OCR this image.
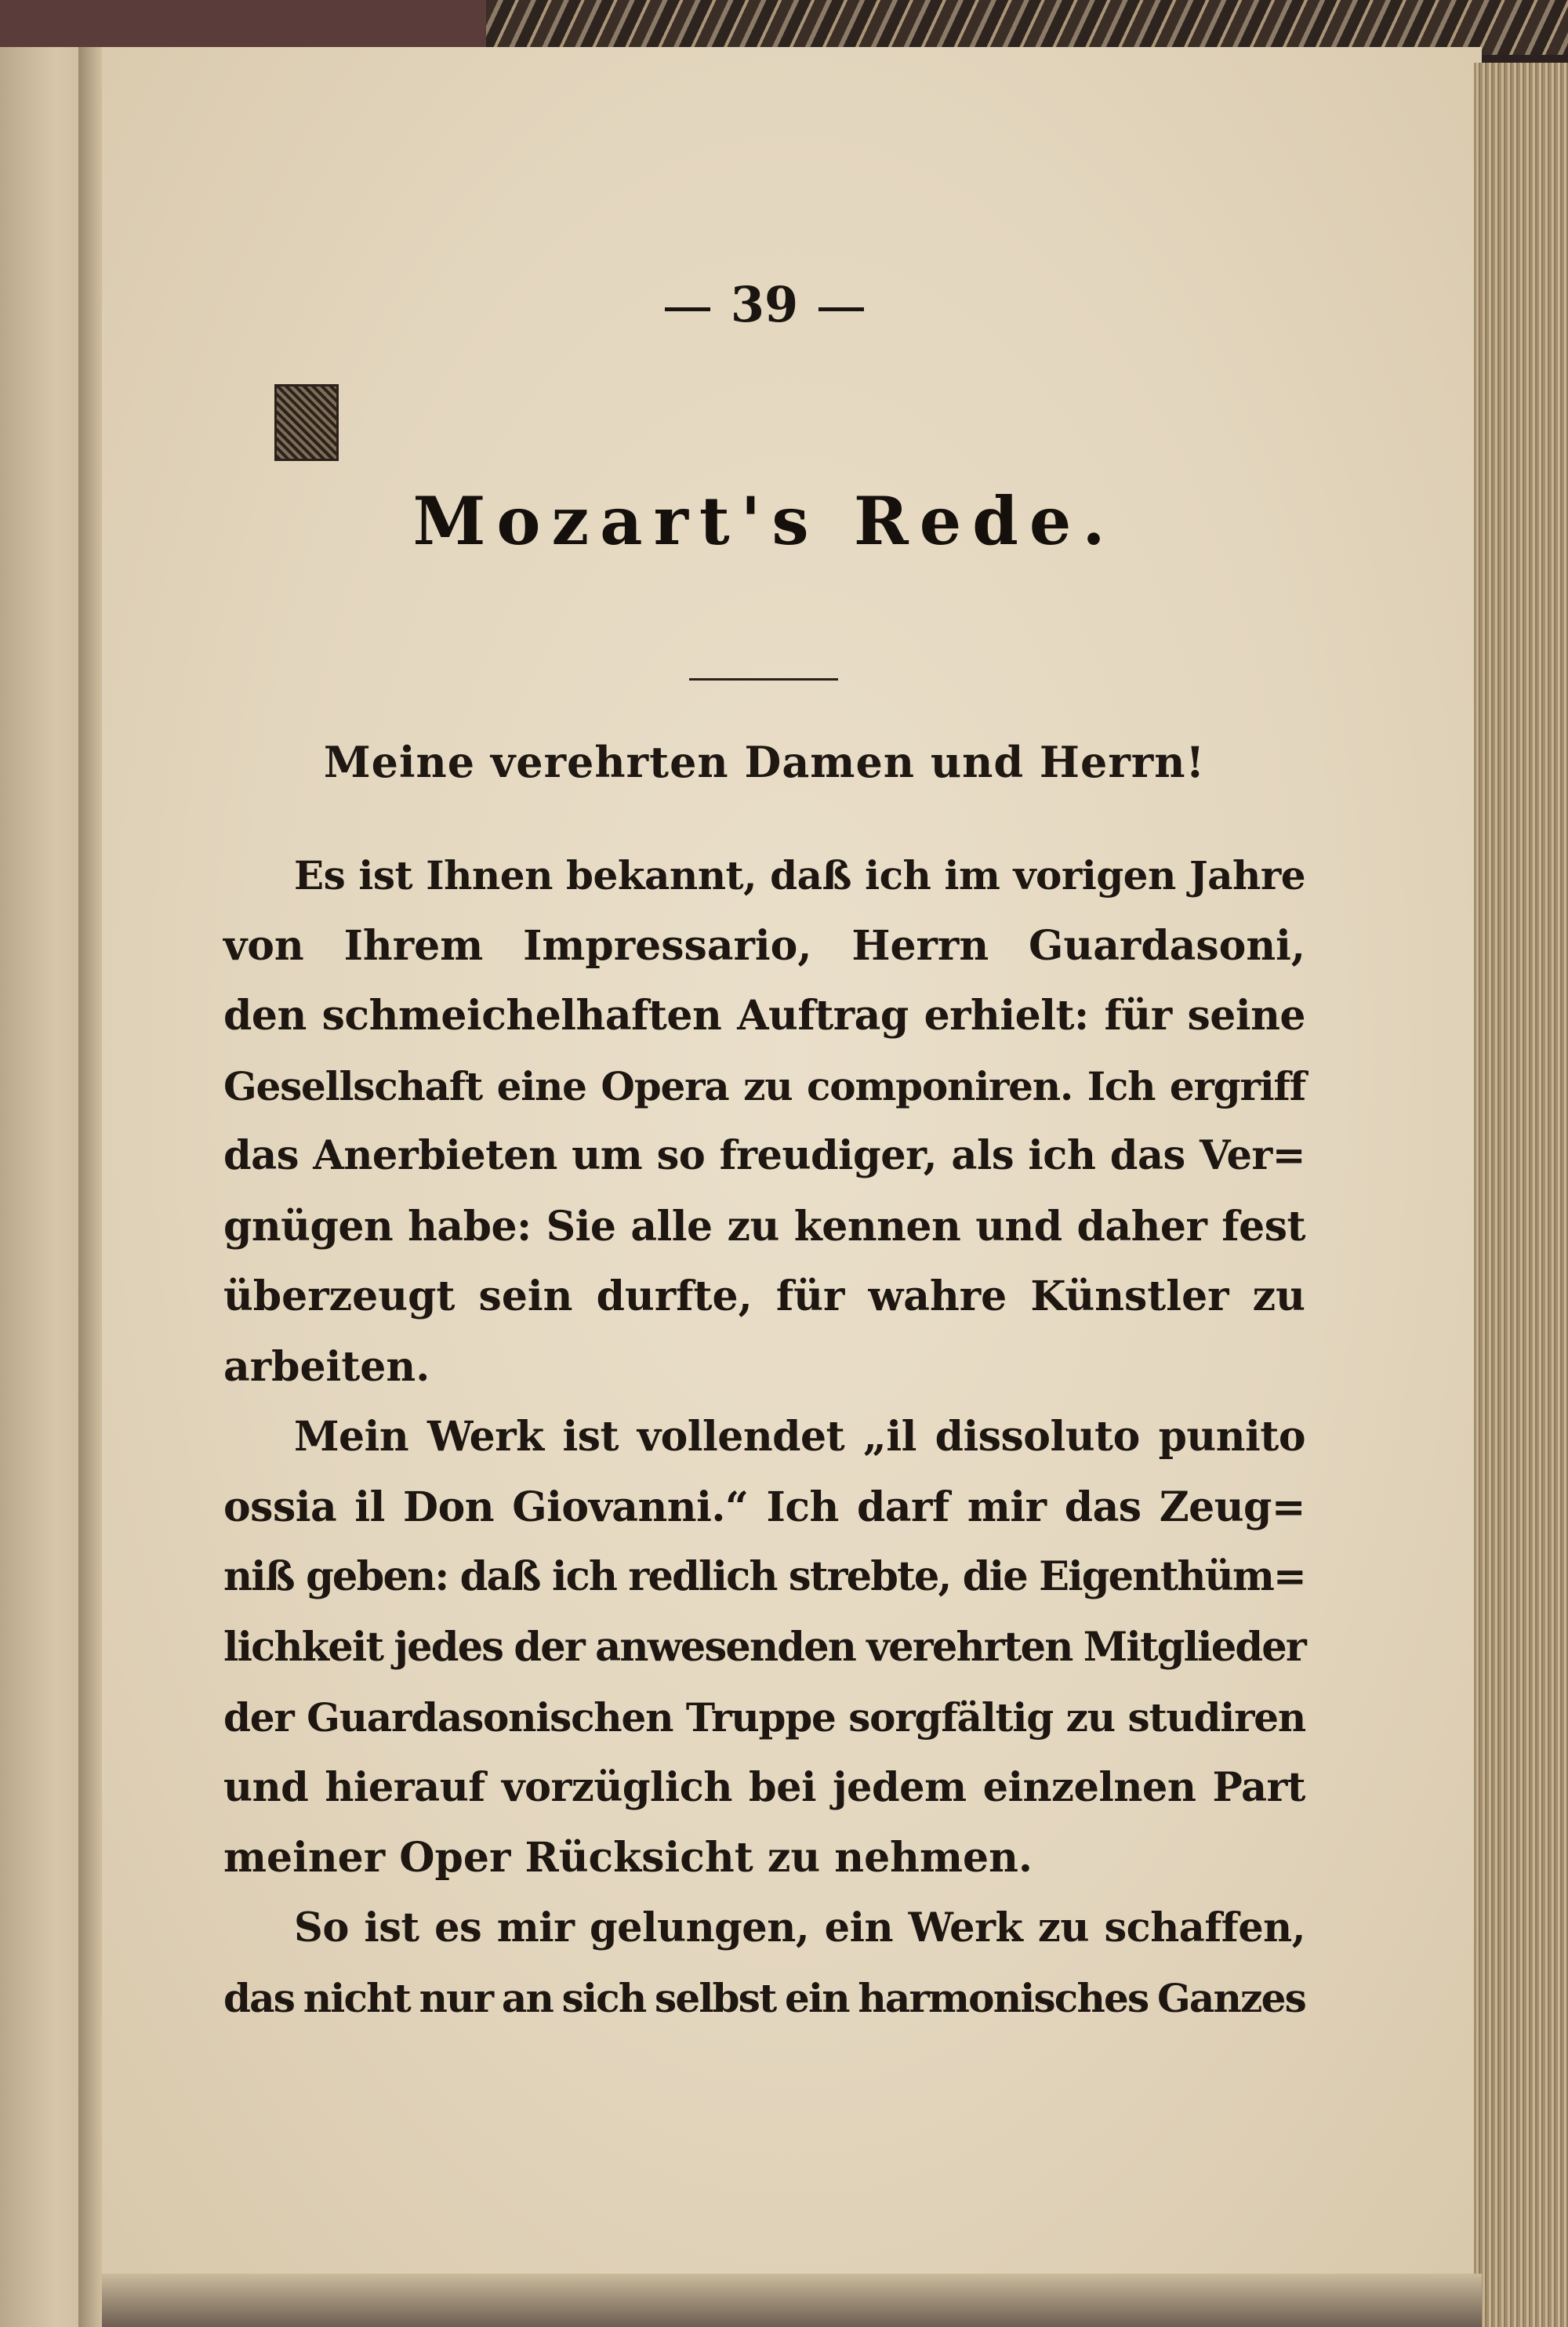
39
Mozart's Rede.
Meine verehrten Damen und Herrn!
Es ist Ihnen bekannt, daß ich im vorigen Jahre
von Ihrem Impressario, Herrn Guardasoni,
den schmeichelhaften Auftrag erhielt: für seine
Gesellschaft eine Opera zu componiren. Ich ergriff
das Anerbieten um so freudiger, als ich das Ver=
gnügen habe: Sie alle zu kennen und daher fest
überzeugt sein durfte, für wahre Künstler zu
arbeiten.
Mein Werk ist vollendet „il dissoluto punito
ossia il Don Giovanni.“ Ich darf mir das Zeug=
niß geben: daß ich redlich strebte, die Eigenthüm=
lichkeit jedes der anwesenden verehrten Mitglieder
der Guardasonischen Truppe sorgfältig zu studiren
und hierauf vorzüglich bei jedem einzelnen Part
meiner Oper Rücksicht zu nehmen.
So ist es mir gelungen, ein Werk zu schaffen,
das nicht nur an sich selbst ein harmonisches Ganzes
